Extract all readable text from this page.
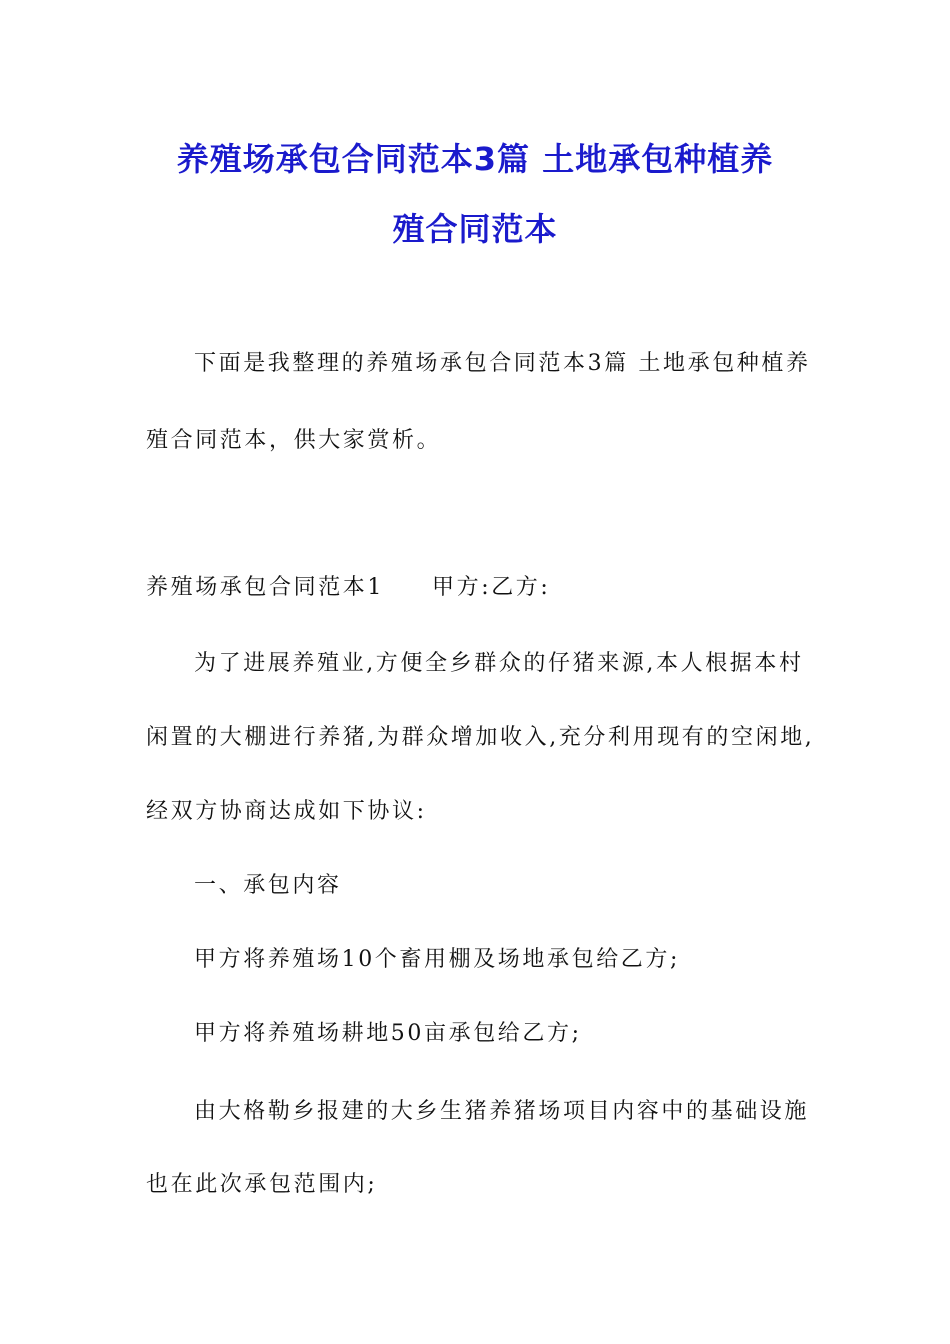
养殖场承包合同范本3篇 土地承包种植养
殖合同范本

下面是我整理的养殖场承包合同范本3篇 土地承包种植养

殖合同范本，供大家赏析。

养殖场承包合同范本1 甲方:乙方:

为了进展养殖业,方便全乡群众的仔猪来源,本人根据本村

闲置的大棚进行养猪,为群众增加收入,充分利用现有的空闲地,

经双方协商达成如下协议:

一、承包内容

甲方将养殖场10个畜用棚及场地承包给乙方;

甲方将养殖场耕地50亩承包给乙方;

由大格勒乡报建的大乡生猪养猪场项目内容中的基础设施

也在此次承包范围内;
